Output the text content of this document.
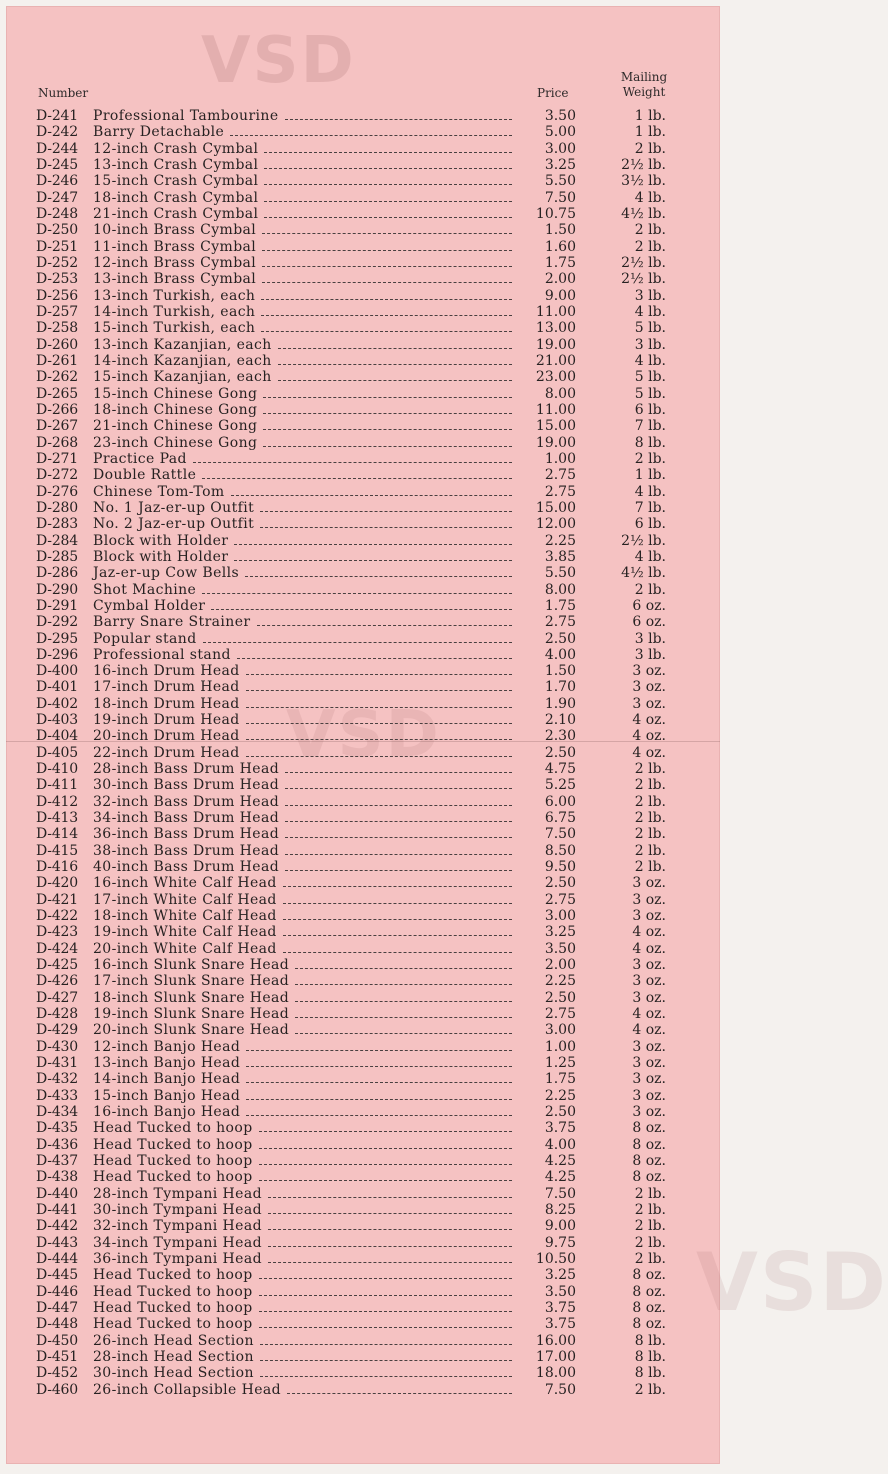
VSD
VSD
VSD
Number	Price
Mailing
Weight
D-241 Professional Tambourine	3.50	1 lb.
D-242 Barry Detachable	5.00	1 lb.
D-244 12-inch Crash Cymbal	3.00	2 lb.
D-245 13-inch Crash Cymbal	3.25	2½ lb.
D-246 15-inch Crash Cymbal	5.50	3½ lb.
D-247 18-inch Crash Cymbal	7.50	4 lb.
D-248 21-inch Crash Cymbal	10.75	4½ lb.
D-250 10-inch Brass Cymbal	1.50	2 lb.
D-251 11-inch Brass Cymbal	1.60	2 lb.
D-252 12-inch Brass Cymbal	1.75	2½ lb.
D-253 13-inch Brass Cymbal	2.00	2½ lb.
D-256 13-inch Turkish, each	9.00	3 lb.
D-257 14-inch Turkish, each	11.00	4 lb.
D-258 15-inch Turkish, each	13.00	5 lb.
D-260 13-inch Kazanjian, each	19.00	3 lb.
D-261 14-inch Kazanjian, each	21.00	4 lb.
D-262 15-inch Kazanjian, each	23.00	5 lb.
D-265 15-inch Chinese Gong	8.00	5 lb.
D-266 18-inch Chinese Gong	11.00	6 lb.
D-267 21-inch Chinese Gong	15.00	7 lb.
D-268 23-inch Chinese Gong	19.00	8 lb.
D-271 Practice Pad	1.00	2 lb.
D-272 Double Rattle	2.75	1 lb.
D-276 Chinese Tom-Tom	2.75	4 lb.
D-280 No. 1 Jaz-er-up Outfit	15.00	7 lb.
D-283 No. 2 Jaz-er-up Outfit	12.00	6 lb.
D-284 Block with Holder	2.25	2½ lb.
D-285 Block with Holder	3.85	4 lb.
D-286 Jaz-er-up Cow Bells	5.50	4½ lb.
D-290 Shot Machine	8.00	2 lb.
D-291 Cymbal Holder	1.75	6 oz.
D-292 Barry Snare Strainer	2.75	6 oz.
D-295 Popular stand	2.50	3 lb.
D-296 Professional stand	4.00	3 lb.
D-400 16-inch Drum Head	1.50	3 oz.
D-401 17-inch Drum Head	1.70	3 oz.
D-402 18-inch Drum Head	1.90	3 oz.
D-403 19-inch Drum Head	2.10	4 oz.
D-404 20-inch Drum Head	2.30	4 oz.
D-405 22-inch Drum Head	2.50	4 oz.
D-410 28-inch Bass Drum Head	4.75	2 lb.
D-411 30-inch Bass Drum Head	5.25	2 lb.
D-412 32-inch Bass Drum Head	6.00	2 lb.
D-413 34-inch Bass Drum Head	6.75	2 lb.
D-414 36-inch Bass Drum Head	7.50	2 lb.
D-415 38-inch Bass Drum Head	8.50	2 lb.
D-416 40-inch Bass Drum Head	9.50	2 lb.
D-420 16-inch White Calf Head	2.50	3 oz.
D-421 17-inch White Calf Head	2.75	3 oz.
D-422 18-inch White Calf Head	3.00	3 oz.
D-423 19-inch White Calf Head	3.25	4 oz.
D-424 20-inch White Calf Head	3.50	4 oz.
D-425 16-inch Slunk Snare Head	2.00	3 oz.
D-426 17-inch Slunk Snare Head	2.25	3 oz.
D-427 18-inch Slunk Snare Head	2.50	3 oz.
D-428 19-inch Slunk Snare Head	2.75	4 oz.
D-429 20-inch Slunk Snare Head	3.00	4 oz.
D-430 12-inch Banjo Head	1.00	3 oz.
D-431 13-inch Banjo Head	1.25	3 oz.
D-432 14-inch Banjo Head	1.75	3 oz.
D-433 15-inch Banjo Head	2.25	3 oz.
D-434 16-inch Banjo Head	2.50	3 oz.
D-435 Head Tucked to hoop	3.75	8 oz.
D-436 Head Tucked to hoop	4.00	8 oz.
D-437 Head Tucked to hoop	4.25	8 oz.
D-438 Head Tucked to hoop	4.25	8 oz.
D-440 28-inch Tympani Head	7.50	2 lb.
D-441 30-inch Tympani Head	8.25	2 lb.
D-442 32-inch Tympani Head	9.00	2 lb.
D-443 34-inch Tympani Head	9.75	2 lb.
D-444 36-inch Tympani Head	10.50	2 lb.
D-445 Head Tucked to hoop	3.25	8 oz.
D-446 Head Tucked to hoop	3.50	8 oz.
D-447 Head Tucked to hoop	3.75	8 oz.
D-448 Head Tucked to hoop	3.75	8 oz.
D-450 26-inch Head Section	16.00	8 lb.
D-451 28-inch Head Section	17.00	8 lb.
D-452 30-inch Head Section	18.00	8 lb.
D-460 26-inch Collapsible Head	7.50	2 lb.
